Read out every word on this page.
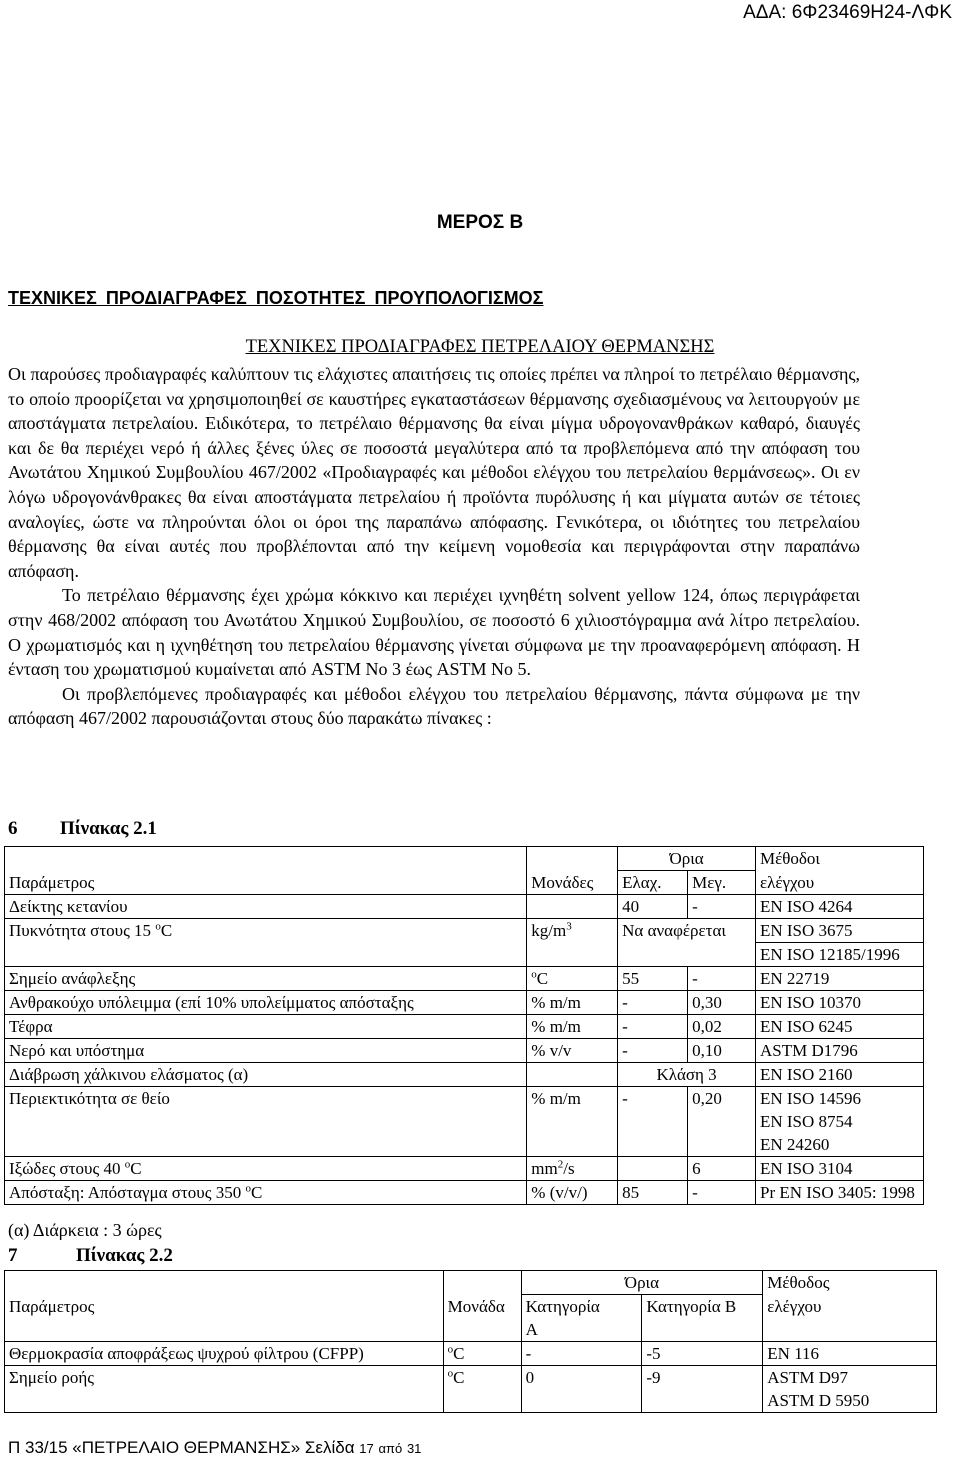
ΑΔΑ: 6Φ23469Η24-ΛΦΚ
ΜΕΡΟΣ Β
ΤΕΧΝΙΚΕΣ ΠΡΟΔΙΑΓΡΑΦΕΣ ΠΟΣΟΤΗΤΕΣ ΠΡΟΥΠΟΛΟΓΙΣΜΟΣ
ΤΕΧΝΙΚΕΣ ΠΡΟΔΙΑΓΡΑΦΕΣ ΠΕΤΡΕΛΑΙΟΥ ΘΕΡΜΑΝΣΗΣ

Οι παρούσες προδιαγραφές καλύπτουν τις ελάχιστες απαιτήσεις τις οποίες πρέπει να πληροί το πετρέλαιο θέρμανσης, το οποίο προορίζεται να χρησιμοποιηθεί σε καυστήρες εγκαταστάσεων θέρμανσης σχεδιασμένους να λειτουργούν με αποστάγματα πετρελαίου. Ειδικότερα, το πετρέλαιο θέρμανσης θα είναι μίγμα υδρογονανθράκων καθαρό, διαυγές και δε θα περιέχει νερό ή άλλες ξένες ύλες σε ποσοστά μεγαλύτερα από τα προβλεπόμενα από την απόφαση του Ανωτάτου Χημικού Συμβουλίου 467/2002 «Προδιαγραφές και μέθοδοι ελέγχου του πετρελαίου θερμάνσεως». Οι εν λόγω υδρογονάνθρακες θα είναι αποστάγματα πετρελαίου ή προϊόντα πυρόλυσης ή και μίγματα αυτών σε τέτοιες αναλογίες, ώστε να πληρούνται όλοι οι όροι της παραπάνω απόφασης. Γενικότερα, οι ιδιότητες του πετρελαίου θέρμανσης θα είναι αυτές που προβλέπονται από την κείμενη νομοθεσία και περιγράφονται στην παραπάνω απόφαση.

Το πετρέλαιο θέρμανσης έχει χρώμα κόκκινο και περιέχει ιχνηθέτη solvent yellow 124, όπως περιγράφεται στην 468/2002 απόφαση του Ανωτάτου Χημικού Συμβουλίου, σε ποσοστό 6 χιλιοστόγραμμα ανά λίτρο πετρελαίου. Ο χρωματισμός και η ιχνηθέτηση του πετρελαίου θέρμανσης γίνεται σύμφωνα με την προαναφερόμενη απόφαση. Η ένταση του χρωματισμού κυμαίνεται από ASTM No 3 έως ASTM No 5.

Οι προβλεπόμενες προδιαγραφές και μέθοδοι ελέγχου του πετρελαίου θέρμανσης, πάντα σύμφωνα με την απόφαση 467/2002 παρουσιάζονται στους δύο παρακάτω πίνακες :

6 Πίνακας 2.1
		Όρια		Μέθοδοι
Παράμετρος	Μονάδες	Ελαχ.	Μεγ.	ελέγχου
Δείκτης κετανίου		40	-	EN ISO 4264
Πυκνότητα στους 15 $^o$C	$kg/m^3$	Να αναφέρεται		EN ISO 3675
				EN ISO 12185/1996
Σημείο ανάφλεξης	$^o$C	55	-	EN 22719
Ανθρακούχο υπόλειμμα (επί 10% υπολείμματος απόσταξης	% m/m	-	0,30	EN ISO 10370
Τέφρα	% m/m	-	0,02	EN ISO 6245
Νερό και υπόστημα	% v/v	-	0,10	ASTM D1796
Διάβρωση χάλκινου ελάσματος (α)		Κλάση 3		EN ISO 2160
Περιεκτικότητα σε θείο	% m/m	-	0,20	EN ISO 14596
				EN ISO 8754
				EN 24260
Ιξώδες στους 40 $^o$C	$mm^2/s$		6	EN ISO 3104
Απόσταξη: Απόσταγμα στους 350 $^o$C	% (v/v/)	85	-	Pr EN ISO 3405: 1998
(α) Διάρκεια : 3 ώρες
7	Πίνακας 2.2
		Όρια		Μέθοδος
Παράμετρος	Μονάδα	Κατηγορία	Κατηγορία Β	ελέγχου
		Α		
Θερμοκρασία αποφράξεως ψυχρού φίλτρου (CFPP)	$^o$C	-	-5	EN 116
Σημείο ροής	$^o$C	0	-9	ASTM D97
				ASTM D 5950
Π 33/15 «ΠΕΤΡΕΛΑΙΟ ΘΕΡΜΑΝΣΗΣ» Σελίδα 17 από 31
